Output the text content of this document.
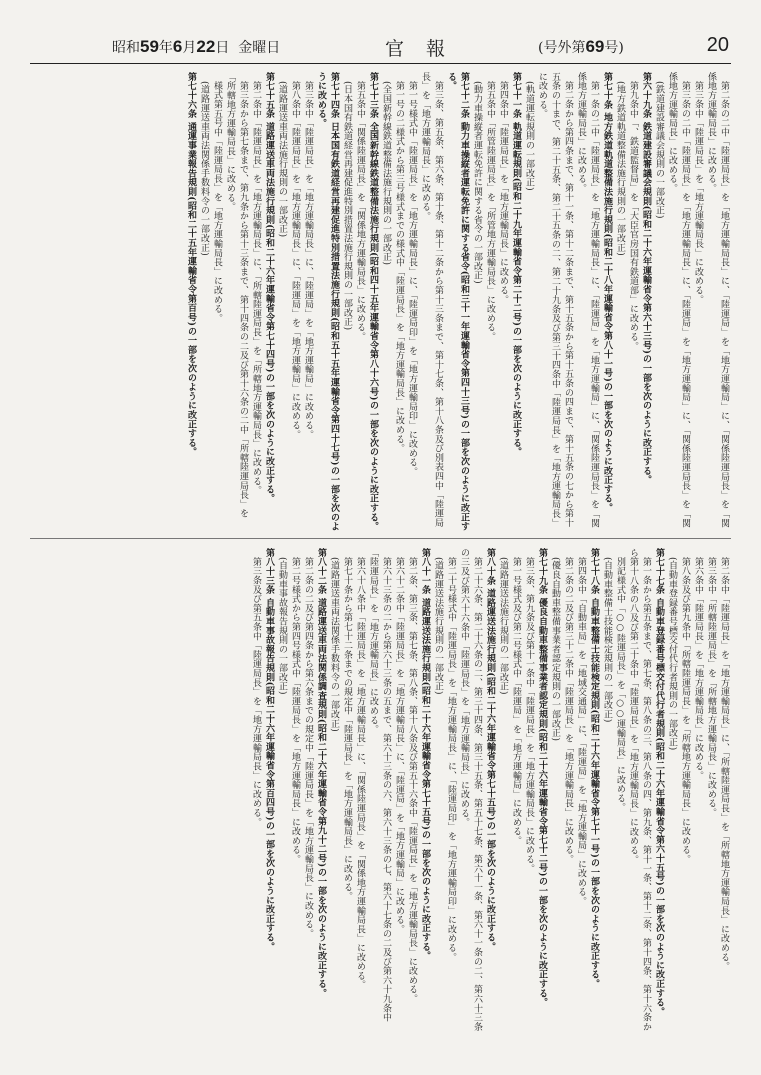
昭和59年6月22日  金曜日	官報	(号外第69号)	20

第二条の二中「陸運局長」を「地方運輸局長」に、「陸運局」を「地方運輸局」に、「関係陸運局長」を「関係地方運輸局長」に改める。

第三条中「陸運局長」を「地方運輸局長」に改める。

第三条の二中「陸運局長」を「地方運輸局長」に、「陸運局」を「地方運輸局」に、「関係陸運局長」を「関係地方運輸局長」に改める。

(鉄道建設審議会規則の一部改正)

第六十九条 鉄道建設審議会規則(昭和二十六年運輸省令第六十三号)の一部を次のように改正する。

第九条中「、鉄道監督局」を「大臣官房国有鉄道部」に改める。

(地方鉄道軌道整備法施行規則の一部改正)

第七十条 地方鉄道軌道整備法施行規則(昭和二十八年運輸省令第八十一号)の一部を次のように改正する。

第一条の二中「陸運局長」を「地方運輸局長」に、「陸運局」を「地方運輸局」に、「関係陸運局長」を「関係地方運輸局長」に改める。

第二条から第四条まで、第十一条、第十二条まで、第十五条から第十五条の四まで、第十五条の七から第十五条の十まで、第二十五条、第二十五条の二、第二十九条及び第三十四条中「陸運局長」を「地方運輸局長」に改める。

(軌道運転規則の一部改正)

第七十一条 軌道運転規則(昭和二十九年運輸省令第二十二号)の一部を次のように改正する。

第四条中「陸運局長」を「地方運輸局長」に改める。

第五条中「所管陸運局長」を「所管地方運輸局長」に改める。

(動力車操縦者運転免許に関する省令の一部改正)

第七十二条 動力車操縦者運転免許に関する省令(昭和三十一年運輸省令第四十三号)の一部を次のように改正する。

第三条、第五条、第六条、第十条、第十二条から第十三条まで、第十七条、第十八条及び別表四中「陸運局長」を「地方運輸局長」に改める。

第一号様式中「陸運局長」を「地方運輸局長」に、「陸運局印」を「地方運輸局印」に改める。

第一号の二様式から第三号様式までの様式中「陸運局長」を「地方運輸局長」に改める。

(全国新幹線鉄道整備法施行規則の一部改正)

第七十三条 全国新幹線鉄道整備法施行規則(昭和四十五年運輸省令第八十六号)の一部を次のように改正する。

第五条中「関係陸運局長」を「関係地方運輸局長」に改める。

(日本国有鉄道経営再建促進特別措置法施行規則の一部改正)

第七十四条 日本国有鉄道経営再建促進特別措置法施行規則(昭和五十五年運輸省令第四十七号)の一部を次のように改める。

第三条中「陸運局長」を「地方運輸局長」に、「陸運局」を「地方運輸局」に改める。

第八条中「陸運局長」を「地方運輸局長」に、「陸運局」を「地方運輸局」に改める。

(道路運送車両法施行規則の一部改正)

第七十五条 道路運送車両法施行規則(昭和二十六年運輸省令第七十四号)の一部を次のように改正する。

第二条中「陸運局長」を「地方運輸局長」に、「所轄陸運局長」を「所轄地方運輸局長」に改める。

第三条から第七条まで、第九条から第十三条まで、第十四条の二及び第十六条の二中「所轄陸運局長」を「所轄地方運輸局長」に改める。

様式第五号中「陸運局長」を「地方運輸局長」に改める。

(道路運送車両法関係手数料令の一部改正)

第七十六条 通運事業報告規則(昭和二十五年運輸省令第百号)の一部を次のように改正する。

第二条中「陸運局長」を「地方運輸局長」に、「所轄陸運局長」を「所轄地方運輸局長」に改める。

第三条中「所轄陸運局長」を「所轄地方運輸局長」に改める。

第六条中「陸運局長」を「地方運輸局長」に改める。

第八条及び第九条中「所轄陸運局長」を「所轄地方運輸局長」に改める。

(自動車登録番号標交付代行者規則の一部改正)

第七十七条 自動車登録番号標交付代行者規則(昭和二十六年運輸省令第六十五号)の一部を次のように改正する。

第一条から第五条まで、第七条、第八条の三、第八条の四、第九条、第十一条、第十二条、第十四条、第十六条から第十八条の八及び第二十条中「陸運局長」を「地方運輸局長」に改める。

別記様式中「○○陸運局長」を「○○運輸局長」に改める。

(自動車整備士技能検定規則の一部改正)

第七十八条 自動車整備士技能検定規則(昭和二十六年運輸省令第七十一号)の一部を次のように改正する。

第四条中「自動車局」を「地域交通局」に、「陸運局」を「地方運輸局」に改める。

第二条の二及び第三十二条中「陸運局長」を「地方運輸局長」に改める。

(優良自動車整備事業者認定規則の一部改正)

第七十九条 優良自動車整備事業者認定規則(昭和二十六年運輸省令第七十二号)の一部を次のように改正する。

第三条、第九条及び第十一条中「陸運局長」を「地方運輸局長」に改める。

第一号様式及び第二号様式中「陸運局」を「地方運輸局」に改める。

(道路運送法施行規則の一部改正)

第八十条 道路運送法施行規則(昭和二十六年運輸省令第七十五号)の一部を次のように改正する。

第二十六条、第二十六条の二、第三十四条、第三十五条、第五十七条、第六十一条、第六十一条の二、第六十三条の三及び第六十六条中「陸運局長」を「地方運輸局長」に改める。

第二十号様式中「陸運局長」を「地方運輸局長」に、「陸運局印」を「地方運輸局印」に改める。

(道路運送法施行規則の一部改正)

第八十一条 道路運送法施行規則(昭和二十六年運輸省令第七十五号)の一部を次のように改正する。

第二条、第三条、第七条、第八条、第十八条及び第五十六条中「陸運局長」を「地方運輸局長」に改める。

第六十二条中「陸運局長」を「地方運輸局長」に、「陸運局」を「地方運輸局」に改める。

第六十三条の二から第六十三条の五まで、第六十三条の六、第六十三条の七、第六十七条の二及び第六十九条中「陸運局長」を「地方運輸局長」に改める。

第六十八条中「陸運局長」を「地方運輸局長」に、「関係陸運局長」を「関係地方運輸局長」に改める。

第七十条から第七十二条までの規定中「陸運局長」を「地方運輸局長」に改める。

(道路運送車両法関係手数料令の一部改正)

第八十二条 道路運送車両法関係調査規則(昭和二十六年運輸省令第九十二号)の一部を次のように改正する。

第二条の二及び第四条から第六条までの規定中「陸運局長」を「地方運輸局長」に改める。

第二号様式から第四号様式中「陸運局長」を「地方運輸局長」に改める。

(自動車事故報告規則の一部改正)

第八十三条 自動車事故報告規則(昭和二十六年運輸省令第百四号)の一部を次のように改正する。

第三条及び第五条中「陸運局長」を「地方運輸局長」に改める。
